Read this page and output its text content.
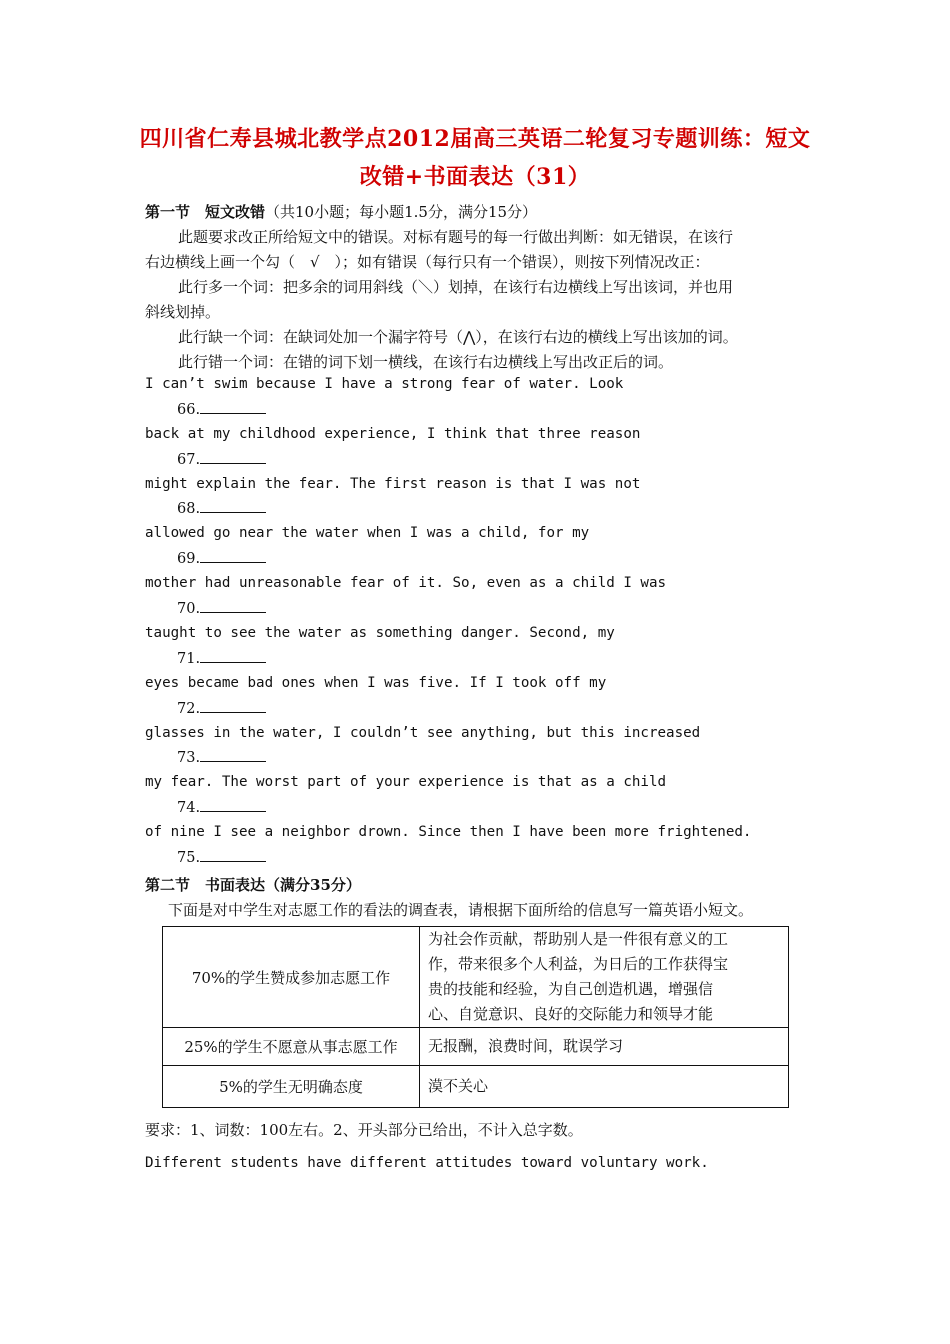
四川省仁寿县城北教学点2012届高三英语二轮复习专题训练：短文
改错+书面表达（31）
第一节　短文改错（共10小题；每小题1.5分，满分15分）
此题要求改正所给短文中的错误。对标有题号的每一行做出判断：如无错误，在该行
右边横线上画一个勾（　√　）；如有错误（每行只有一个错误），则按下列情况改正：
此行多一个词：把多余的词用斜线（＼）划掉，在该行右边横线上写出该词，并也用
斜线划掉。
此行缺一个词：在缺词处加一个漏字符号（⋀），在该行右边的横线上写出该加的词。
此行错一个词：在错的词下划一横线，在该行右边横线上写出改正后的词。
I can’t swim because I have a strong fear of water. Look
66.
back at my childhood experience, I think that three reason
67.
might explain the fear. The first reason is that I was not
68.
allowed go near the water when I was a child, for my
69.
mother had unreasonable fear of it. So, even as a child I was
70.
taught to see the water as something danger. Second, my
71.
eyes became bad ones when I was five. If I took off my
72.
glasses in the water, I couldn’t see anything, but this increased
73.
my fear. The worst part of your experience is that as a child
74.
of nine I see a neighbor drown. Since then I have been more frightened.
75.
第二节　书面表达（满分35分）
下面是对中学生对志愿工作的看法的调查表，请根据下面所给的信息写一篇英语小短文。
70%的学生赞成参加志愿工作	为社会作贡献，帮助别人是一件很有意义的工
作，带来很多个人利益，为日后的工作获得宝
贵的技能和经验，为自己创造机遇，增强信
心、自觉意识、良好的交际能力和领导才能

25%的学生不愿意从事志愿工作	无报酬，浪费时间，耽误学习

5%的学生无明确态度	漠不关心
要求：1、词数：100左右。2、开头部分已给出，不计入总字数。
Different students have different attitudes toward voluntary work.
